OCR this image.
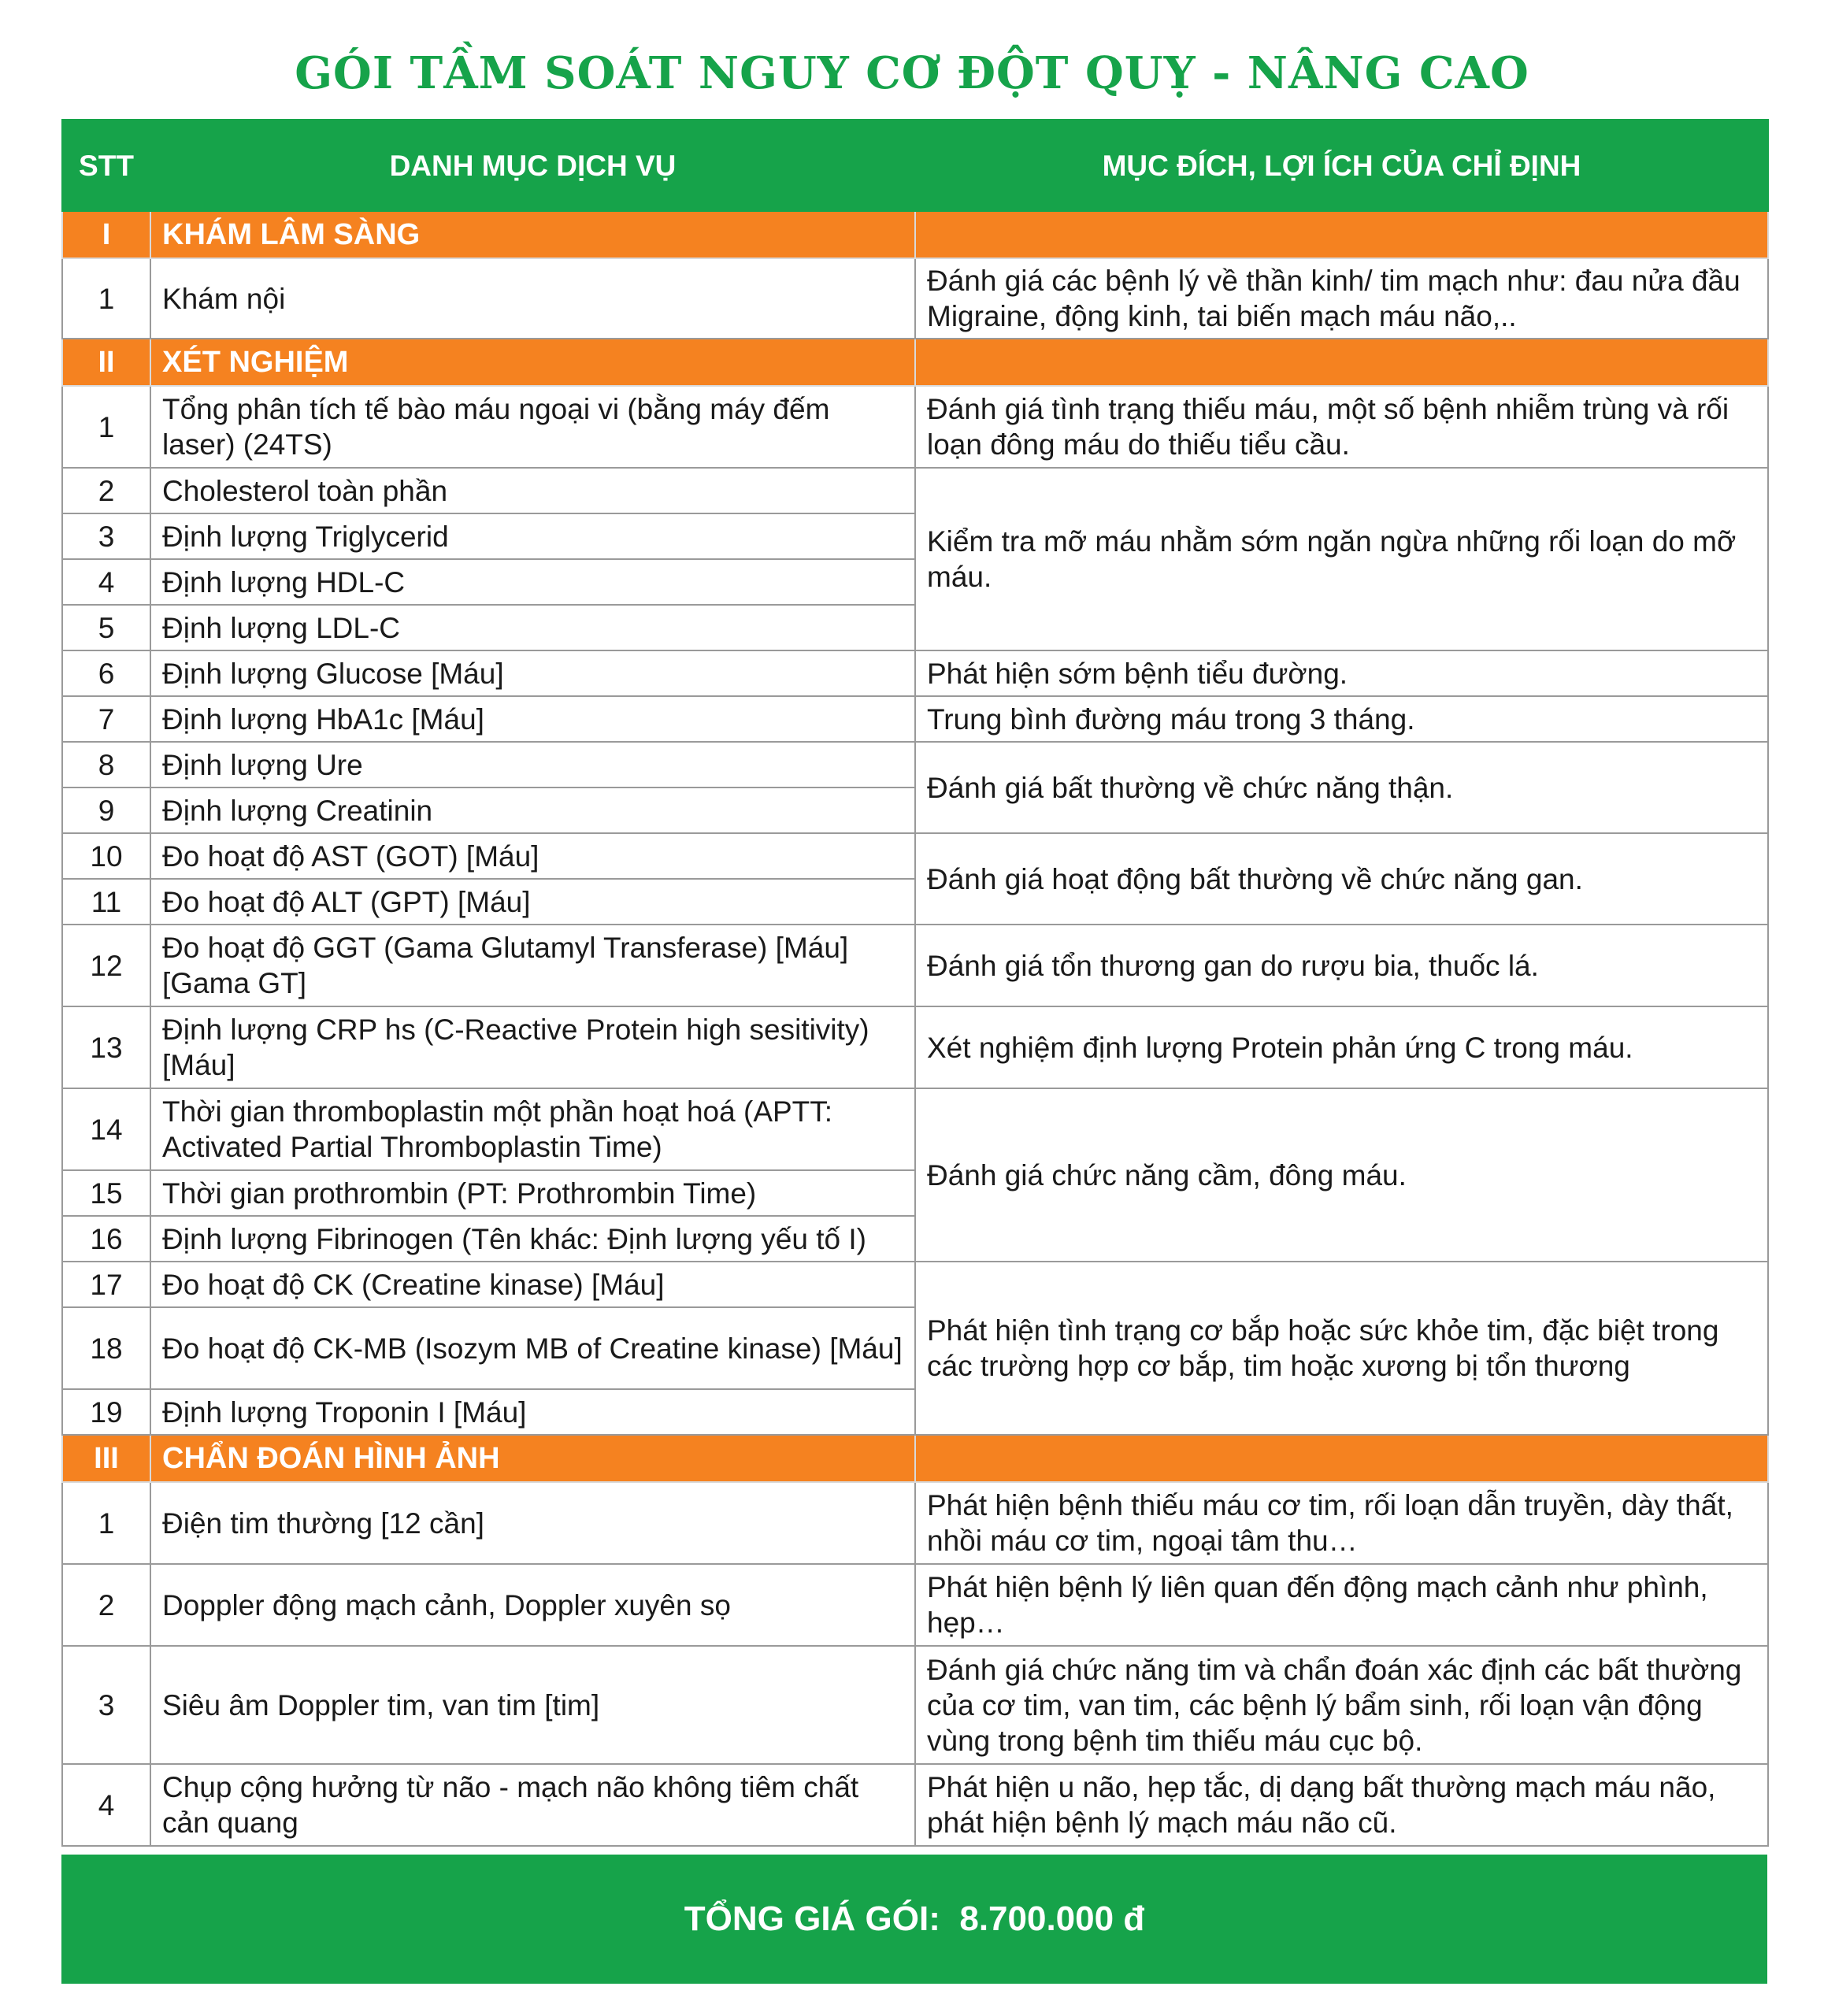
GÓI TẦM SOÁT NGUY CƠ ĐỘT QUỴ - NÂNG CAO
STT	DANH MỤC DỊCH VỤ	MỤC ĐÍCH, LỢI ÍCH CỦA CHỈ ĐỊNH
I	KHÁM LÂM SÀNG	
1	Khám nội	Đánh giá các bệnh lý về thần kinh/ tim mạch như: đau nửa đầu Migraine, động kinh, tai biến mạch máu não,..
II	XÉT NGHIỆM	
1	Tổng phân tích tế bào máu ngoại vi (bằng máy đếm laser) (24TS)	Đánh giá tình trạng thiếu máu, một số bệnh nhiễm trùng và rối loạn đông máu do thiếu tiểu cầu.
2	Cholesterol toàn phần	Kiểm tra mỡ máu nhằm sớm ngăn ngừa những rối loạn do mỡ máu.
3	Định lượng Triglycerid	
4	Định lượng HDL-C	
5	Định lượng LDL-C	
6	Định lượng Glucose [Máu]	Phát hiện sớm bệnh tiểu đường.
7	Định lượng HbA1c [Máu]	Trung bình đường máu trong 3 tháng.
8	Định lượng Ure	Đánh giá bất thường về chức năng thận.
9	Định lượng Creatinin	
10	Đo hoạt độ AST (GOT) [Máu]	Đánh giá hoạt động bất thường về chức năng gan.
11	Đo hoạt độ ALT (GPT) [Máu]	
12	Đo hoạt độ GGT (Gama Glutamyl Transferase) [Máu] [Gama GT]	Đánh giá tổn thương gan do rượu bia, thuốc lá.
13	Định lượng CRP hs (C-Reactive Protein high sesitivity) [Máu]	Xét nghiệm định lượng Protein phản ứng C trong máu.
14	Thời gian thromboplastin một phần hoạt hoá (APTT: Activated Partial Thromboplastin Time)	Đánh giá chức năng cầm, đông máu.
15	Thời gian prothrombin (PT: Prothrombin Time)	
16	Định lượng Fibrinogen (Tên khác: Định lượng yếu tố I)	
17	Đo hoạt độ CK (Creatine kinase) [Máu]	Phát hiện tình trạng cơ bắp hoặc sức khỏe tim, đặc biệt trong các trường hợp cơ bắp, tim hoặc xương bị tổn thương
18	Đo hoạt độ CK-MB (Isozym MB of Creatine kinase) [Máu]	
19	Định lượng Troponin I [Máu]	
III	CHẨN ĐOÁN HÌNH ẢNH	
1	Điện tim thường [12 cần]	Phát hiện bệnh thiếu máu cơ tim, rối loạn dẫn truyền, dày thất, nhồi máu cơ tim, ngoại tâm thu…
2	Doppler động mạch cảnh, Doppler xuyên sọ	Phát hiện bệnh lý liên quan đến động mạch cảnh như phình, hẹp…
3	Siêu âm Doppler tim, van tim [tim]	Đánh giá chức năng tim và chẩn đoán xác định các bất thường của cơ tim, van tim, các bệnh lý bẩm sinh, rối loạn vận động vùng trong bệnh tim thiếu máu cục bộ.
4	Chụp cộng hưởng từ não - mạch não không tiêm chất cản quang	Phát hiện u não, hẹp tắc, dị dạng bất thường mạch máu não, phát hiện bệnh lý mạch máu não cũ.
TỔNG GIÁ GÓI:
8.700.000 đ
